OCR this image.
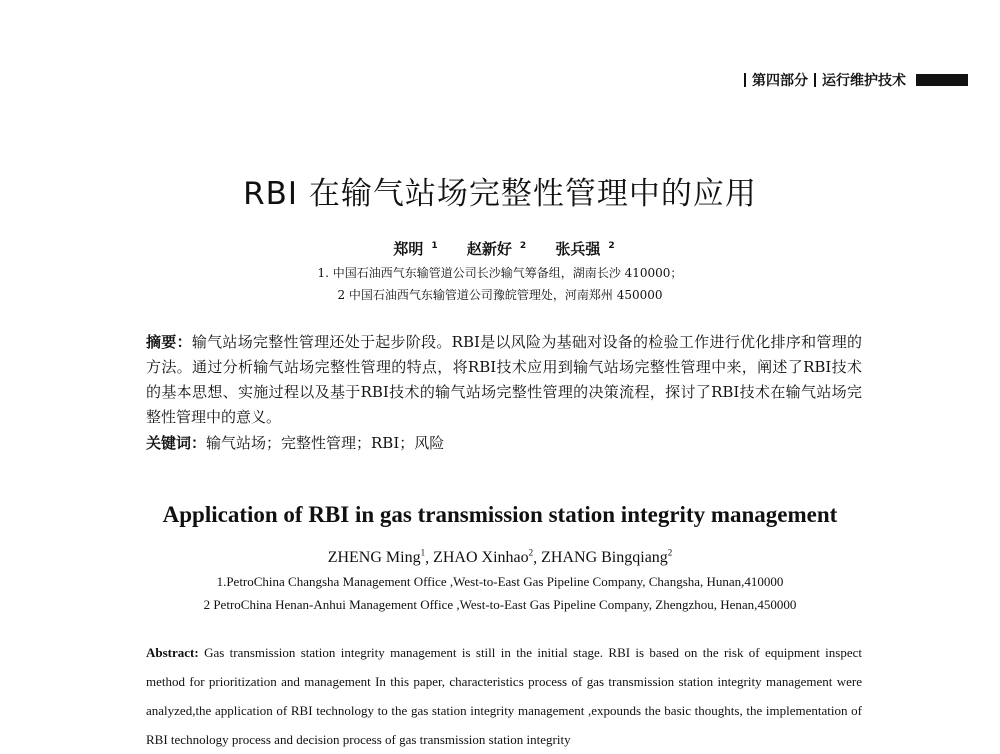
第四部分 运行维护技术
RBI 在输气站场完整性管理中的应用
郑明 $^1$ 赵新好 $^2$ 张兵强 $^2$
1. 中国石油西气东输管道公司长沙输气筹备组，湖南长沙 410000；
2 中国石油西气东输管道公司豫皖管理处，河南郑州 450000
摘要：输气站场完整性管理还处于起步阶段。RBI是以风险为基础对设备的检验工作进行优化排序和管理的方法。通过分析输气站场完整性管理的特点，将RBI技术应用到输气站场完整性管理中来，阐述了RBI技术的基本思想、实施过程以及基于RBI技术的输气站场完整性管理的决策流程，探讨了RBI技术在输气站场完整性管理中的意义。
关键词：输气站场；完整性管理；RBI；风险
Application of RBI in gas transmission station integrity management
ZHENG Ming$^1$, ZHAO Xinhao$^2$, ZHANG Bingqiang$^2$
1.PetroChina Changsha Management Office ,West-to-East Gas Pipeline Company, Changsha, Hunan,410000
2 PetroChina Henan-Anhui Management Office ,West-to-East Gas Pipeline Company, Zhengzhou, Henan,450000
Abstract: Gas transmission station integrity management is still in the initial stage. RBI is based on the risk of equipment inspect method for prioritization and management In this paper, characteristics process of gas transmission station integrity management were analyzed,the application of RBI technology to the gas station integrity management ,expounds the basic thoughts, the implementation of RBI technology process and decision process of gas transmission station integrity
